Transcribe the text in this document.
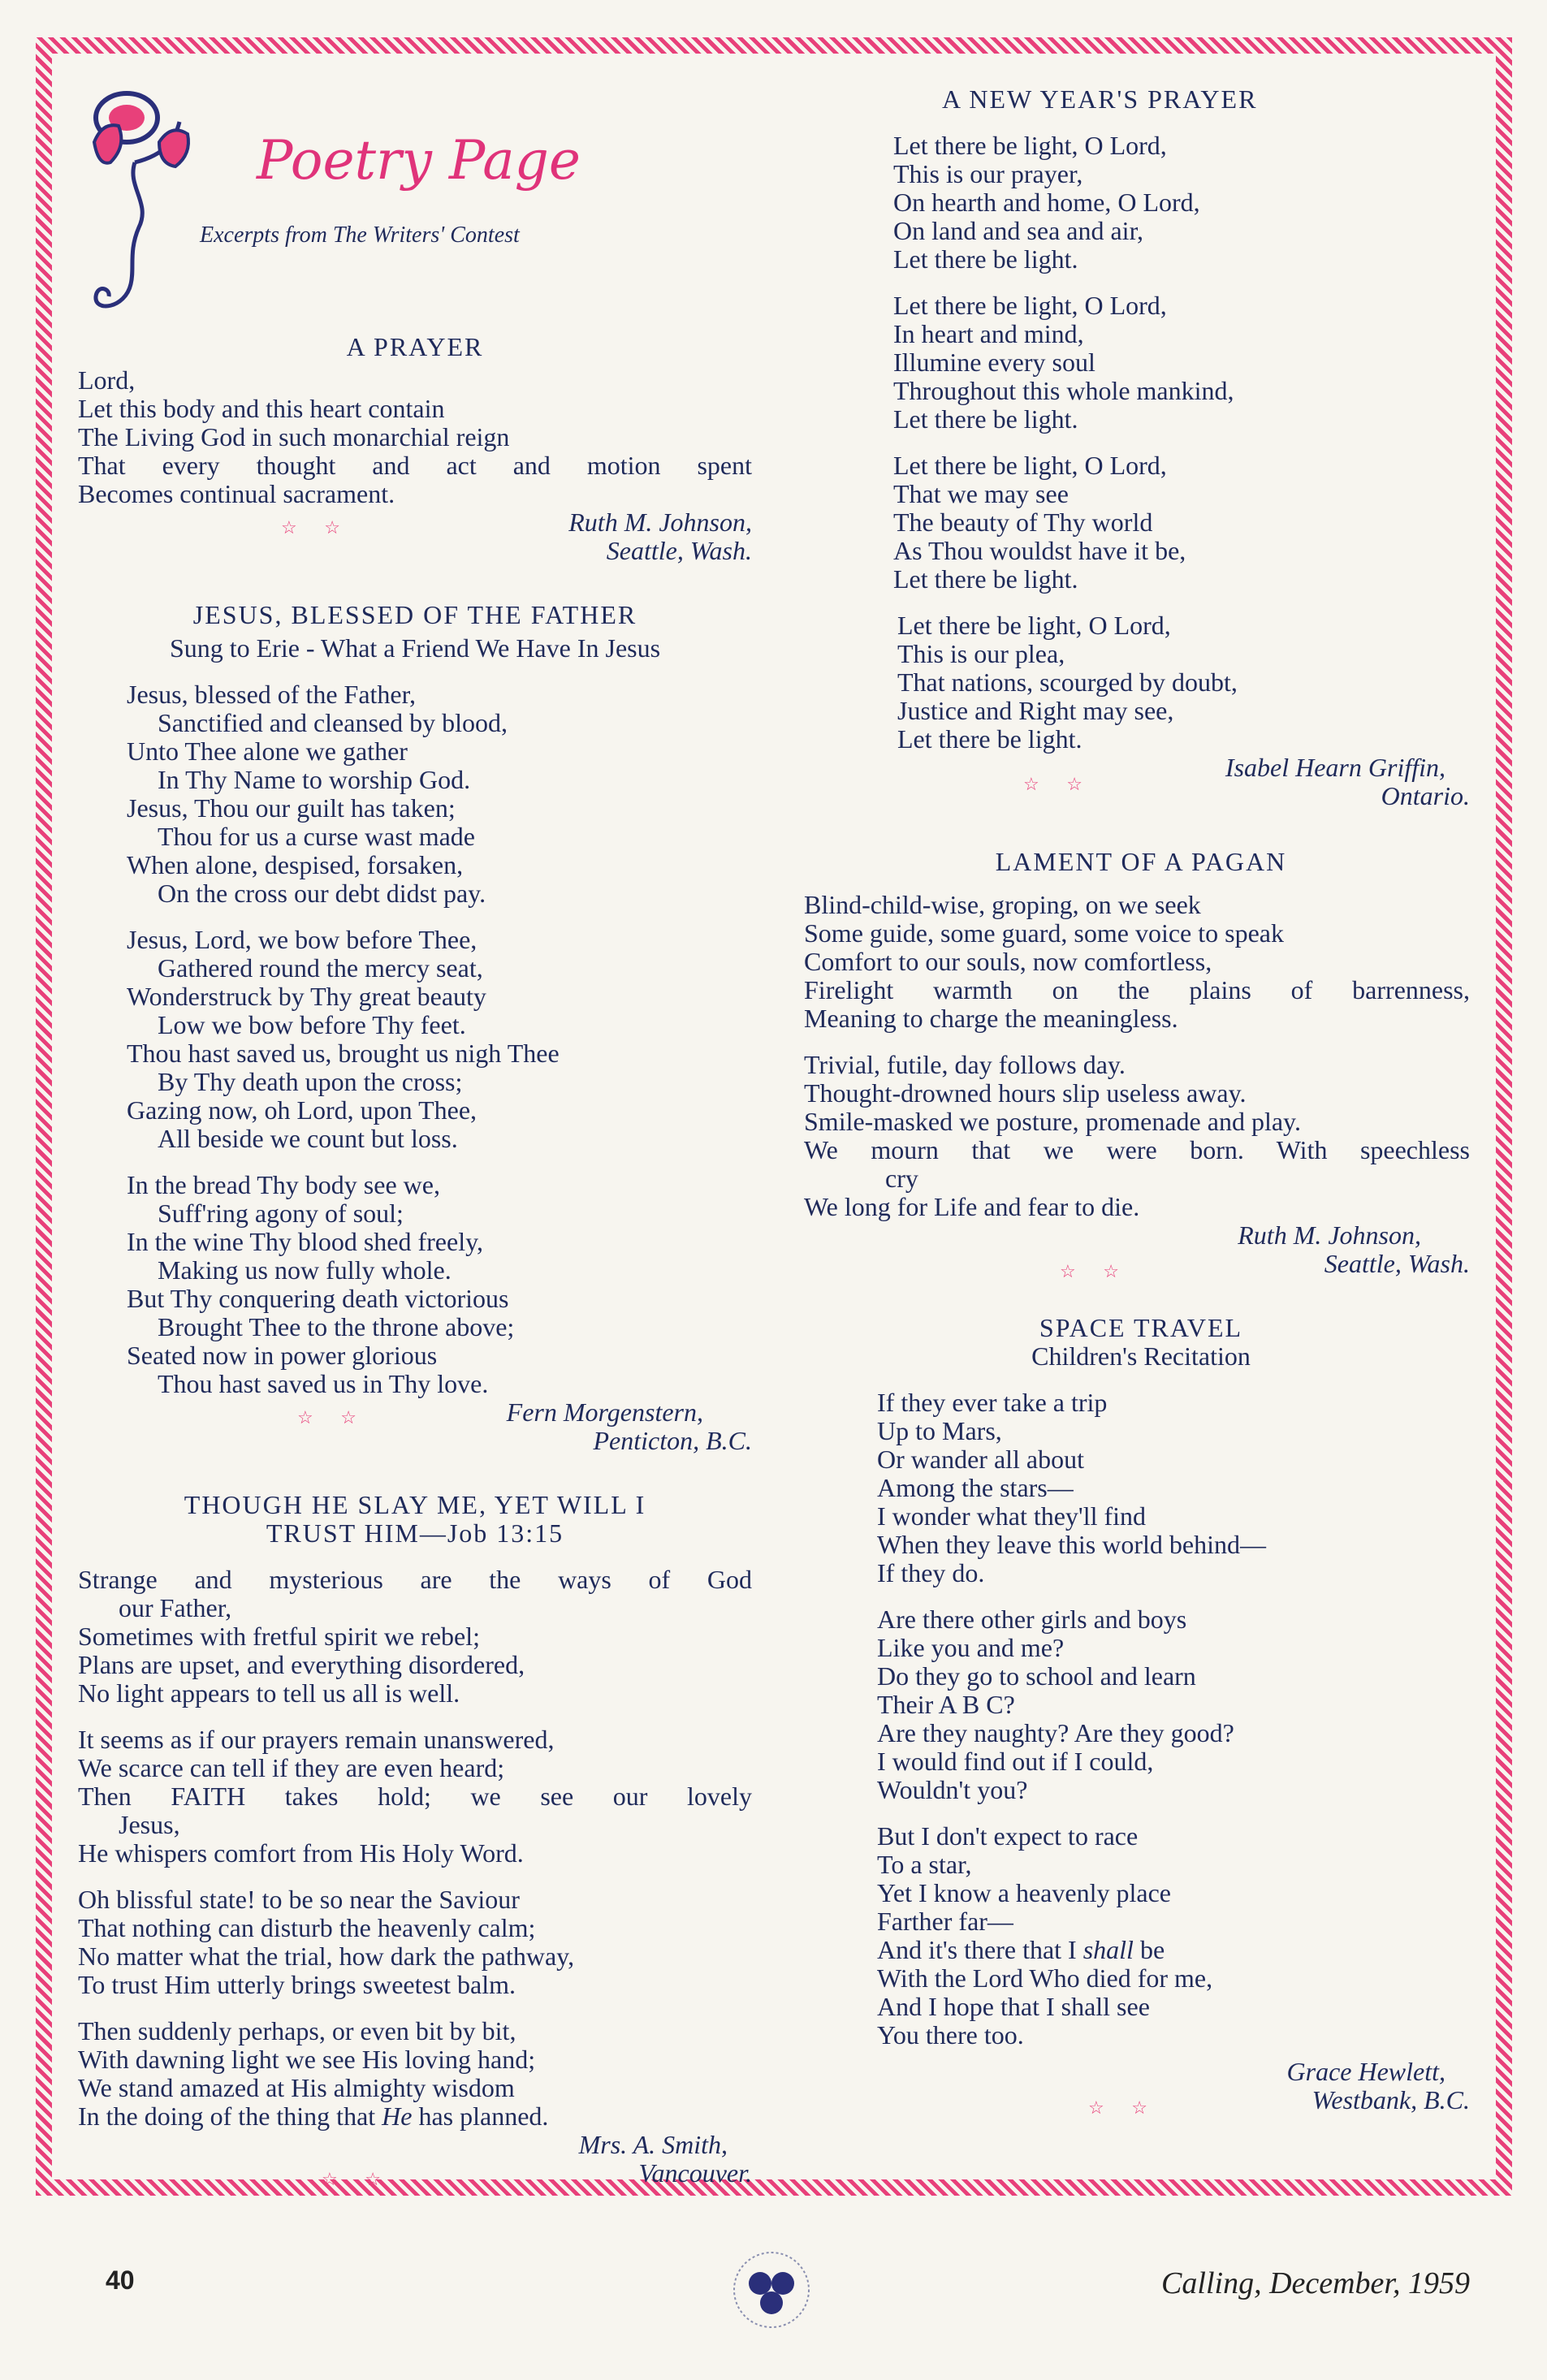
Poetry Page
Excerpts from The Writers' Contest
A PRAYER
Lord,
Let this body and this heart contain
The Living God in such monarchial reign
That every thought and act and motion spent
Becomes continual sacrament.
☆ ☆	Ruth M. Johnson,
Seattle, Wash.
JESUS, BLESSED OF THE FATHER
Sung to Erie - What a Friend We Have In Jesus
Jesus, blessed of the Father,
Sanctified and cleansed by blood,
Unto Thee alone we gather
In Thy Name to worship God.
Jesus, Thou our guilt has taken;
Thou for us a curse wast made
When alone, despised, forsaken,
On the cross our debt didst pay.
Jesus, Lord, we bow before Thee,
Gathered round the mercy seat,
Wonderstruck by Thy great beauty
Low we bow before Thy feet.
Thou hast saved us, brought us nigh Thee
By Thy death upon the cross;
Gazing now, oh Lord, upon Thee,
All beside we count but loss.
In the bread Thy body see we,
Suff'ring agony of soul;
In the wine Thy blood shed freely,
Making us now fully whole.
But Thy conquering death victorious
Brought Thee to the throne above;
Seated now in power glorious
Thou hast saved us in Thy love.
☆ ☆	Fern Morgenstern,
Penticton, B.C.
THOUGH HE SLAY ME, YET WILL I
TRUST HIM—Job 13:15
Strange and mysterious are the ways of God
our Father,
Sometimes with fretful spirit we rebel;
Plans are upset, and everything disordered,
No light appears to tell us all is well.
It seems as if our prayers remain unanswered,
We scarce can tell if they are even heard;
Then FAITH takes hold; we see our lovely
Jesus,
He whispers comfort from His Holy Word.
Oh blissful state! to be so near the Saviour
That nothing can disturb the heavenly calm;
No matter what the trial, how dark the pathway,
To trust Him utterly brings sweetest balm.
Then suddenly perhaps, or even bit by bit,
With dawning light we see His loving hand;
We stand amazed at His almighty wisdom
In the doing of the thing that He has planned.
☆ ☆
Mrs. A. Smith,
Vancouver.
A NEW YEAR'S PRAYER
Let there be light, O Lord,
This is our prayer,
On hearth and home, O Lord,
On land and sea and air,
Let there be light.
Let there be light, O Lord,
In heart and mind,
Illumine every soul
Throughout this whole mankind,
Let there be light.
Let there be light, O Lord,
That we may see
The beauty of Thy world
As Thou wouldst have it be,
Let there be light.
Let there be light, O Lord,
This is our plea,
That nations, scourged by doubt,
Justice and Right may see,
Let there be light.
☆ ☆
Isabel Hearn Griffin,
Ontario.
LAMENT OF A PAGAN
Blind-child-wise, groping, on we seek
Some guide, some guard, some voice to speak
Comfort to our souls, now comfortless,
Firelight warmth on the plains of barrenness,
Meaning to charge the meaningless.
Trivial, futile, day follows day.
Thought-drowned hours slip useless away.
Smile-masked we posture, promenade and play.
We mourn that we were born. With speechless
cry
We long for Life and fear to die.
☆ ☆
Ruth M. Johnson,
Seattle, Wash.
SPACE TRAVEL
Children's Recitation
If they ever take a trip
Up to Mars,
Or wander all about
Among the stars—
I wonder what they'll find
When they leave this world behind—
If they do.
Are there other girls and boys
Like you and me?
Do they go to school and learn
Their A B C?
Are they naughty? Are they good?
I would find out if I could,
Wouldn't you?
But I don't expect to race
To a star,
Yet I know a heavenly place
Farther far—
And it's there that I shall be
With the Lord Who died for me,
And I hope that I shall see
You there too.
☆ ☆
Grace Hewlett,
Westbank, B.C.
40	Calling, December, 1959
